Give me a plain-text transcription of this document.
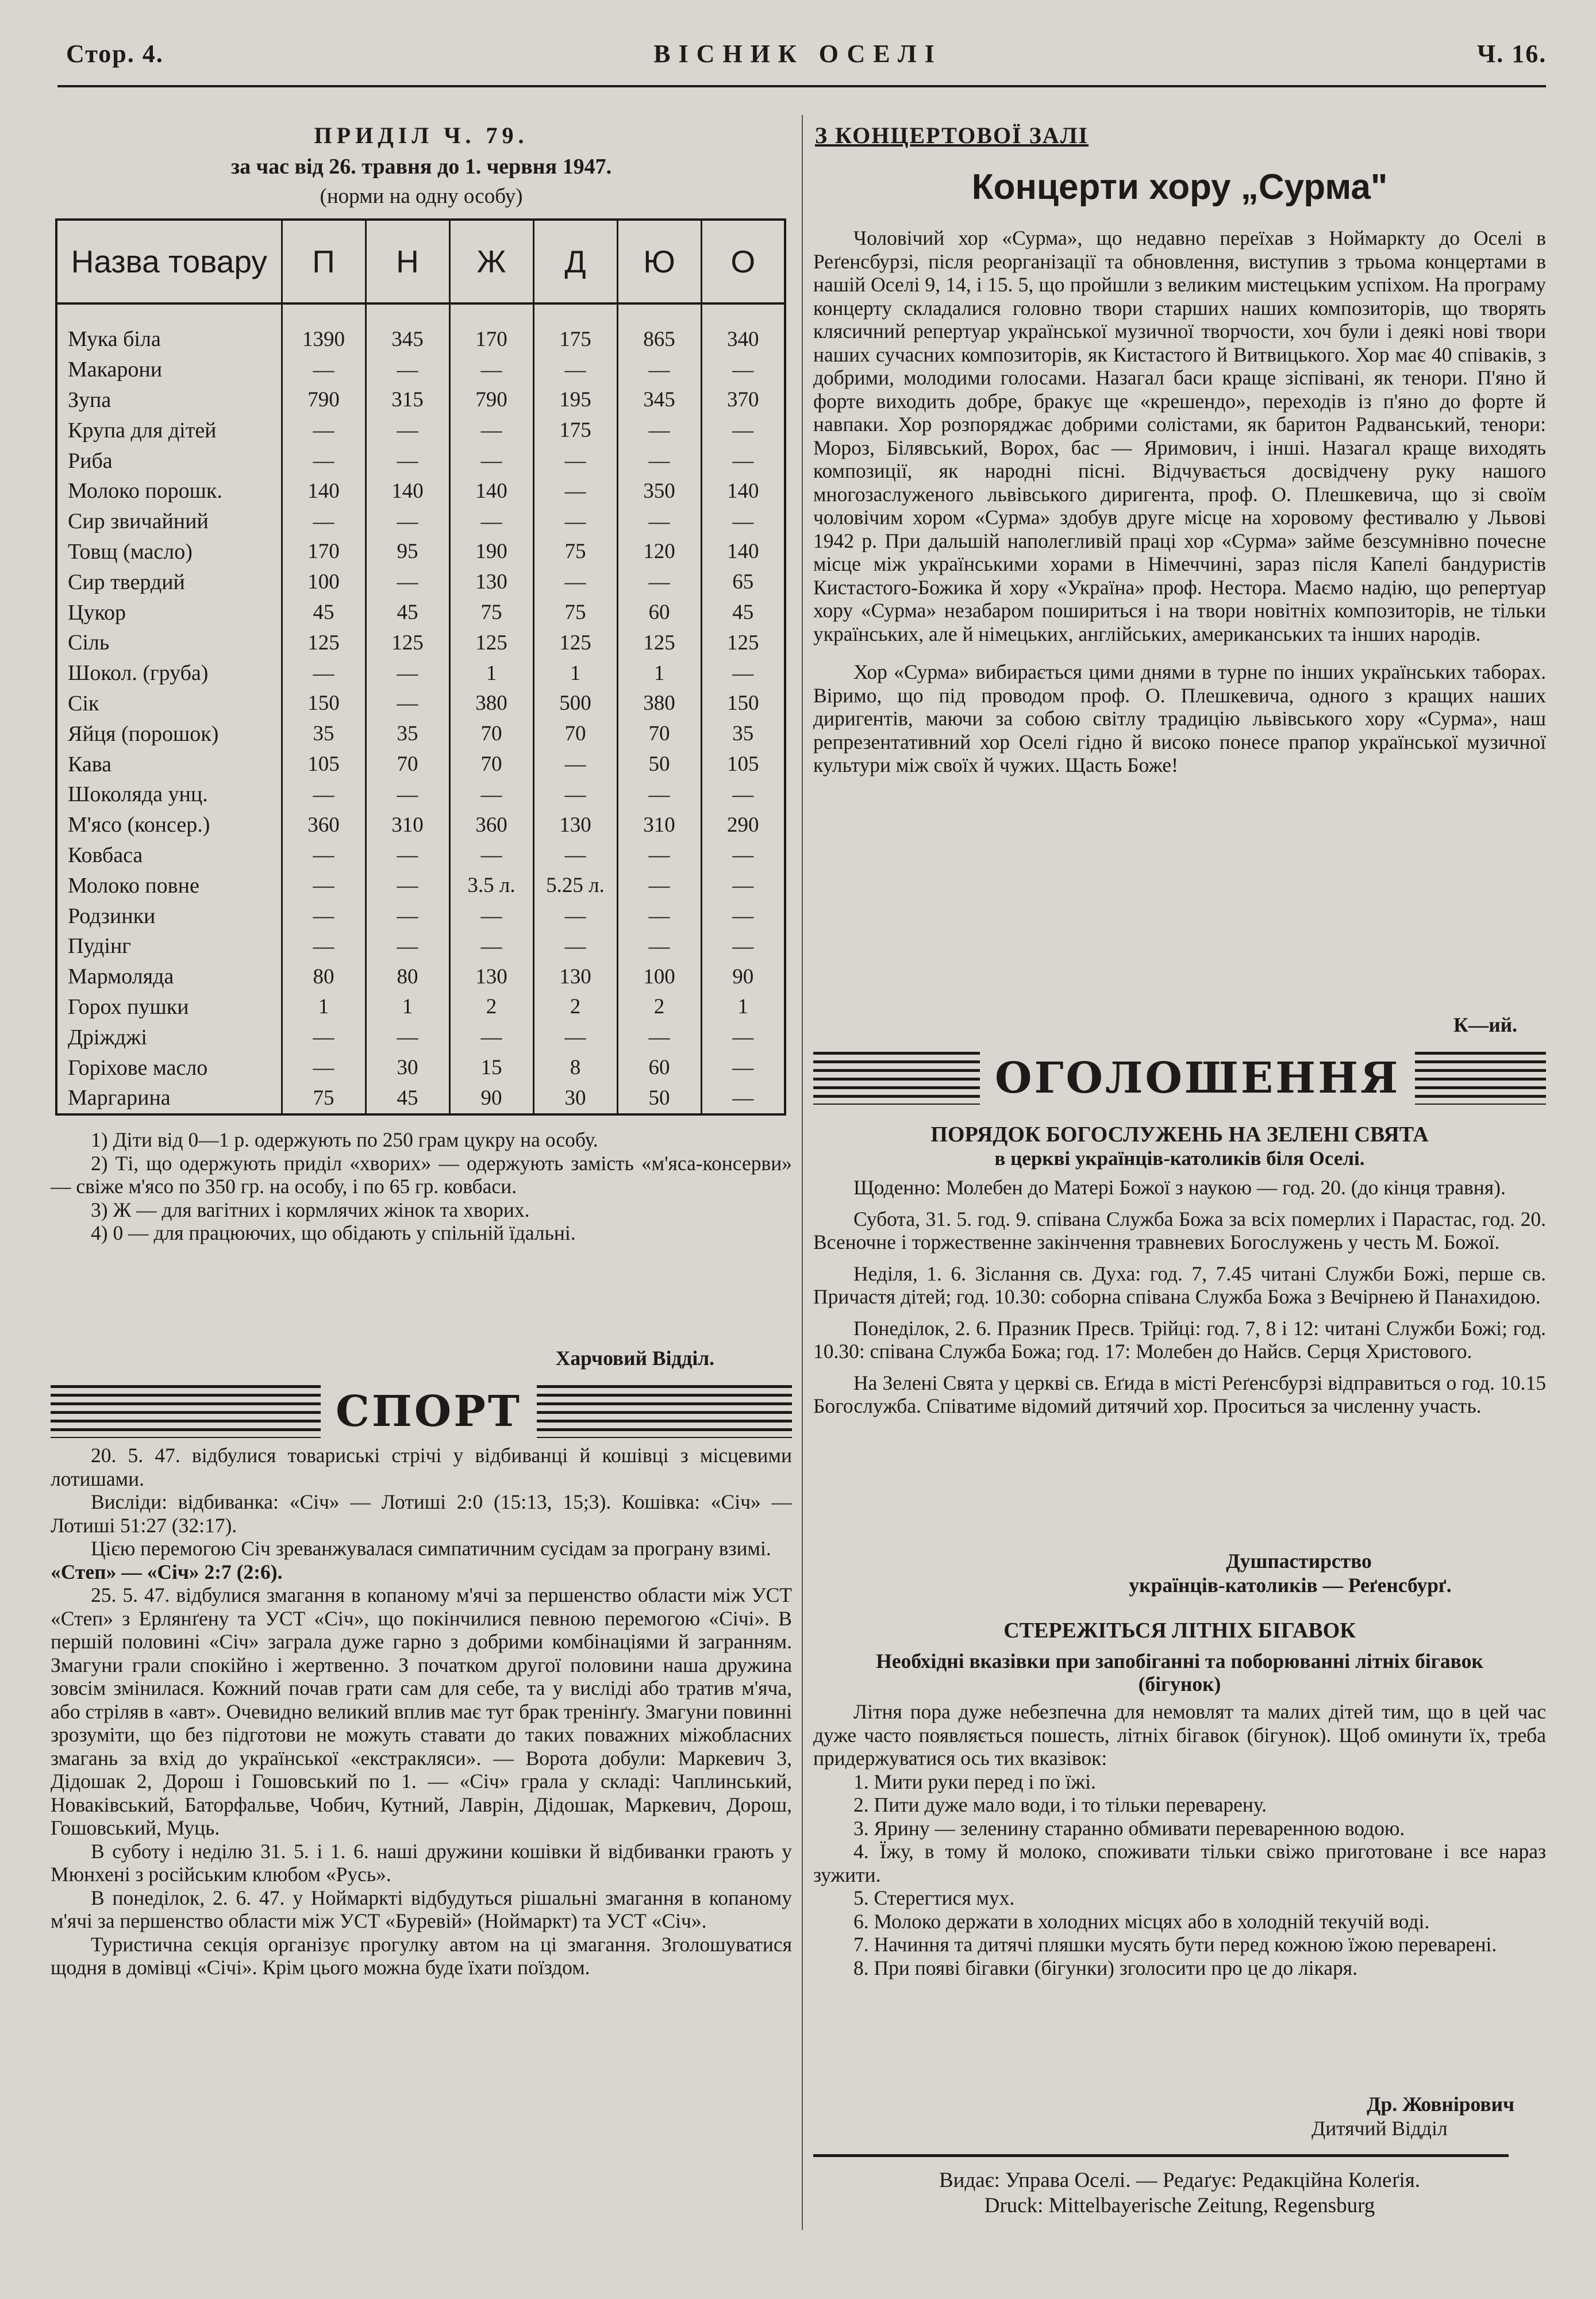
Стор. 4.	ВІСНИК ОСЕЛІ	Ч. 16.
ПРИДІЛ Ч. 79.
за час від 26. травня до 1. червня 1947.
(норми на одну особу)
Назва товару	П	Н	Ж	Д	Ю	О
Мука біла	1390	345	170	175	865	340
Макарони	—	—	—	—	—	—
Зупа	790	315	790	195	345	370
Крупа для дітей	—	—	—	175	—	—
Риба	—	—	—	—	—	—
Молоко порошк.	140	140	140	—	350	140
Сир звичайний	—	—	—	—	—	—
Товщ (масло)	170	95	190	75	120	140
Сир твердий	100	—	130	—	—	65
Цукор	45	45	75	75	60	45
Сіль	125	125	125	125	125	125
Шокол. (груба)	—	—	1	1	1	—
Сік	150	—	380	500	380	150
Яйця (порошок)	35	35	70	70	70	35
Кава	105	70	70	—	50	105
Шоколяда унц.	—	—	—	—	—	—
М'ясо (консер.)	360	310	360	130	310	290
Ковбаса	—	—	—	—	—	—
Молоко повне	—	—	3.5 л.	5.25 л.	—	—
Родзинки	—	—	—	—	—	—
Пудінг	—	—	—	—	—	—
Мармоляда	80	80	130	130	100	90
Горох пушки	1	1	2	2	2	1
Дріжджі	—	—	—	—	—	—
Горіхове масло	—	30	15	8	60	—
Маргарина	75	45	90	30	50	—

1) Діти від 0—1 р. одержують по 250 грам цукру на особу.

2) Ті, що одержують приділ «хворих» — одержують замість «м'яса-консерви» — свіже м'ясо по 350 гр. на особу, і по 65 гр. ковбаси.

3) Ж — для вагітних і кормлячих жінок та хворих.

4) 0 — для працюючих, що обідають у спільній їдальні.

Харчовий Відділ.
СПОРТ

20. 5. 47. відбулися товариські стрічі у відбиванці й кошівці з місцевими лотишами.

Вислiди: відбиванка: «Січ» — Лотиші 2:0 (15:13, 15;3). Кошівка: «Січ» — Лотиші 51:27 (32:17).

Цією перемогою Січ зреванжувалася симпатичним сусідам за програну взимі.

«Степ» — «Січ» 2:7 (2:6).

25. 5. 47. відбулися змагання в копаному м'ячі за першенство области між УСТ «Степ» з Ерлянґену та УСТ «Січ», що покінчилися певною перемогою «Січі». В першій половині «Січ» заграла дуже гарно з добрими комбінаціями й загранням. Змагуни грали спокійно і жертвенно. З початком другої половини наша дружина зовсім змінилася. Кожний почав грати сам для себе, та у висліді або тратив м'яча, або стріляв в «авт». Очевидно великий вплив має тут брак тренінґу. Змагуни повинні зрозуміти, що без підготови не можуть ставати до таких поважних міжобласних змагань за вхід до української «екстракляси». — Ворота добули: Маркевич 3, Дідошак 2, Дорош і Гошовський по 1. — «Січ» грала у складі: Чаплинський, Новаківський, Баторфальве, Чобич, Кутний, Лаврін, Дідошак, Маркевич, Дорош, Гошовський, Муць.

В суботу і неділю 31. 5. і 1. 6. наші дружини кошівки й відбиванки грають у Мюнхені з російським клюбом «Русь».

В понеділок, 2. 6. 47. у Ноймаркті відбудуться рішальні змагання в копаному м'ячі за першенство области між УСТ «Буревій» (Ноймаркт) та УСТ «Січ».

Туристична секція організує прогулку автом на ці змагання. Зголошуватися щодня в домівці «Січі». Крім цього можна буде їхати поїздом.

З КОНЦЕРТОВОЇ ЗАЛІ
Концерти хору „Сурма"

Чоловічий хор «Сурма», що недавно переїхав з Ноймаркту до Оселі в Реґенсбурзі, після реорганізації та обновлення, виступив з трьома концертами в нашій Оселі 9, 14, і 15. 5, що пройшли з великим мистецьким успіхом. На програму концерту складалися головно твори старших наших композиторів, що творять клясичний репертуар української музичної творчости, хоч були і деякі нові твори наших сучасних композиторів, як Кистастого й Витвицького. Хор має 40 співаків, з добрими, молодими голосами. Назагал баси краще зіспівані, як тенори. П'яно й форте виходить добре, бракує ще «крешендо», переходів із п'яно до форте й навпаки. Хор розпоряджає добрими солістами, як баритон Радванський, тенори: Мороз, Білявський, Ворох, бас — Яримович, і інші. Назагал краще виходять композиції, як народні пісні. Відчувається досвідчену руку нашого многозаслуженого львівського диригента, проф. О. Плешкевича, що зі своїм чоловічим хором «Сурма» здобув друге місце на хоровому фестивалю у Львові 1942 р. При дальшій наполегливій праці хор «Сурма» займе безсумнівно почесне місце між українськими хорами в Німеччині, зараз після Капелі бандуристів Кистастого-Божика й хору «Україна» проф. Нестора. Маємо надію, що репертуар хору «Сурма» незабаром пошириться і на твори новітніх композиторів, не тільки українських, але й німецьких, англійських, американських та інших народів.

Хор «Сурма» вибирається цими днями в турне по інших українських таборах. Віримо, що під проводом проф. О. Плешкевича, одного з кращих наших диригентів, маючи за собою світлу традицію львівського хору «Сурма», наш репрезентативний хор Оселі гідно й високо понесе прапор української музичної культури між своїх й чужих. Щасть Боже!

К—ий.
ОГОЛОШЕННЯ
ПОРЯДОК БОГОСЛУЖЕНЬ НА ЗЕЛЕНІ СВЯТА
в церкві українців-католиків біля Оселі.

Щоденно: Молебен до Матері Божої з наукою — год. 20. (до кінця травня).

Субота, 31. 5. год. 9. співана Служба Божа за всіх померлих і Парастас, год. 20. Всеночне і торжественне закінчення травневих Богослужень у честь М. Божої.

Неділя, 1. 6. Зіслання св. Духа: год. 7, 7.45 читані Служби Божі, перше св. Причастя дітей; год. 10.30: соборна співана Служба Божа з Вечірнею й Панахидою.

Понеділок, 2. 6. Празник Пресв. Трійці: год. 7, 8 і 12: читані Служби Божі; год. 10.30: співана Служба Божа; год. 17: Молебен до Найсв. Серця Христового.

На Зелені Свята у церкві св. Еґида в місті Реґенсбурзі відправиться о год. 10.15 Богослужба. Співатиме відомий дитячий хор. Проситься за численну участь.

Душпастирство
українців-католиків — Реґенсбурґ.
СТЕРЕЖІТЬСЯ ЛІТНІХ БІГАВОК
Необхідні вказівки при запобіганні та поборюванні літніх бігавок (бігунок)

Літня пора дуже небезпечна для немовлят та малих дітей тим, що в цей час дуже часто появляється пошесть, літніх бігавок (бігунок). Щоб оминути їх, треба придержуватися ось тих вказівок:

1. Мити руки перед і по їжі.
2. Пити дуже мало води, і то тільки переварену.
3. Ярину — зеленину старанно обмивати переваренною водою.
4. Їжу, в тому й молоко, споживати тільки свіжо приготоване і все нараз зужити.
5. Стерегтися мух.
6. Молоко держати в холодних місцях або в холодній текучій воді.
7. Начиння та дитячі пляшки мусять бути перед кожною їжою переварені.
8. При появі бігавки (бігунки) зголосити про це до лікаря.
Др. Жовнірович
Дитячий Відділ
Видає: Управа Оселі. — Редаґує: Редакційна Колеґія.
Druck: Mittelbayerische Zeitung, Regensburg
